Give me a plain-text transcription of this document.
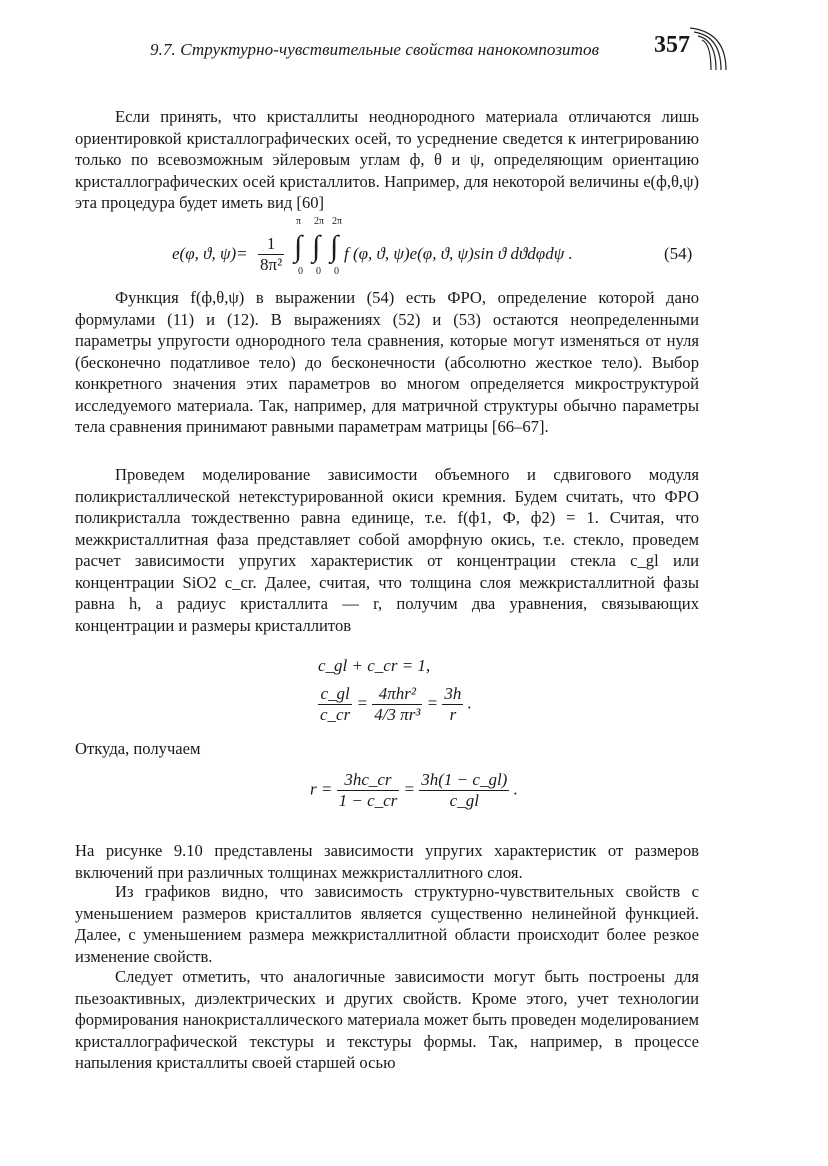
9.7. Структурно-чувствительные свойства нанокомпозитов 357

Если принять, что кристаллиты неоднородного материала отличаются лишь ориентировкой кристаллографических осей, то усреднение сведется к интегрированию только по всевозможным эйлеровым углам ф, θ и ψ, определяющим ориентацию кристаллографических осей кристаллитов. Например, для некоторой величины e(ф,θ,ψ) эта процедура будет иметь вид [60]

e(φ, ϑ, $\psi)= \frac{1}{\text{8π²}}$
π
∫
0
2π
∫
0
2π
∫
0
f (φ, ϑ, ψ)e(φ, ϑ, ψ)sin ϑ dϑdφdψ .	(54)

Функция f(ф,θ,ψ) в выражении (54) есть ФРО, определение которой дано формулами (11) и (12). В выражениях (52) и (53) остаются неопределенными параметры упругости однородного тела сравнения, которые могут изменяться от нуля (бесконечно податливое тело) до бесконечности (абсолютно жесткое тело). Выбор конкретного значения этих параметров во многом определяется микроструктурой исследуемого материала. Так, например, для матричной структуры обычно параметры тела сравнения принимают равными параметрам матрицы [66–67].

Проведем моделирование зависимости объемного и сдвигового модуля поликристаллической нетекстурированной окиси кремния. Будем считать, что ФРО поликристалла тождественно равна единице, т.е. f(ф1, Ф, ф2) = 1. Считая, что межкристаллитная фаза представляет собой аморфную окись, т.е. стекло, проведем расчет зависимости упругих характеристик от концентрации стекла c_gl или концентрации SiO2 c_cr. Далее, считая, что толщина слоя межкристаллитной фазы равна h, а радиус кристаллита — r, получим два уравнения, связывающих концентрации и размеры кристаллитов

c_gl + c_cr = 1,
$\frac{c\_gl}{c\_cr} = \frac{\text{4πhr²}}{\text{4/3 πr³}} = \frac{3h}{r}$ .
Откуда, получаем
$r = \frac{3hc\_cr}{1 - c\_cr} = \frac{3h(1 - c\_gl)}{c\_gl}$ .

На рисунке 9.10 представлены зависимости упругих характеристик от размеров включений при различных толщинах межкристаллитного слоя.

Из графиков видно, что зависимость структурно-чувствительных свойств с уменьшением размеров кристаллитов является существенно нелинейной функцией. Далее, с уменьшением размера межкристаллитной области происходит более резкое изменение свойств.

Следует отметить, что аналогичные зависимости могут быть построены для пьезоактивных, диэлектрических и других свойств. Кроме этого, учет технологии формирования нанокристаллического материала может быть проведен моделированием кристаллографической текстуры и текстуры формы. Так, например, в процессе напыления кристаллиты своей старшей осью
